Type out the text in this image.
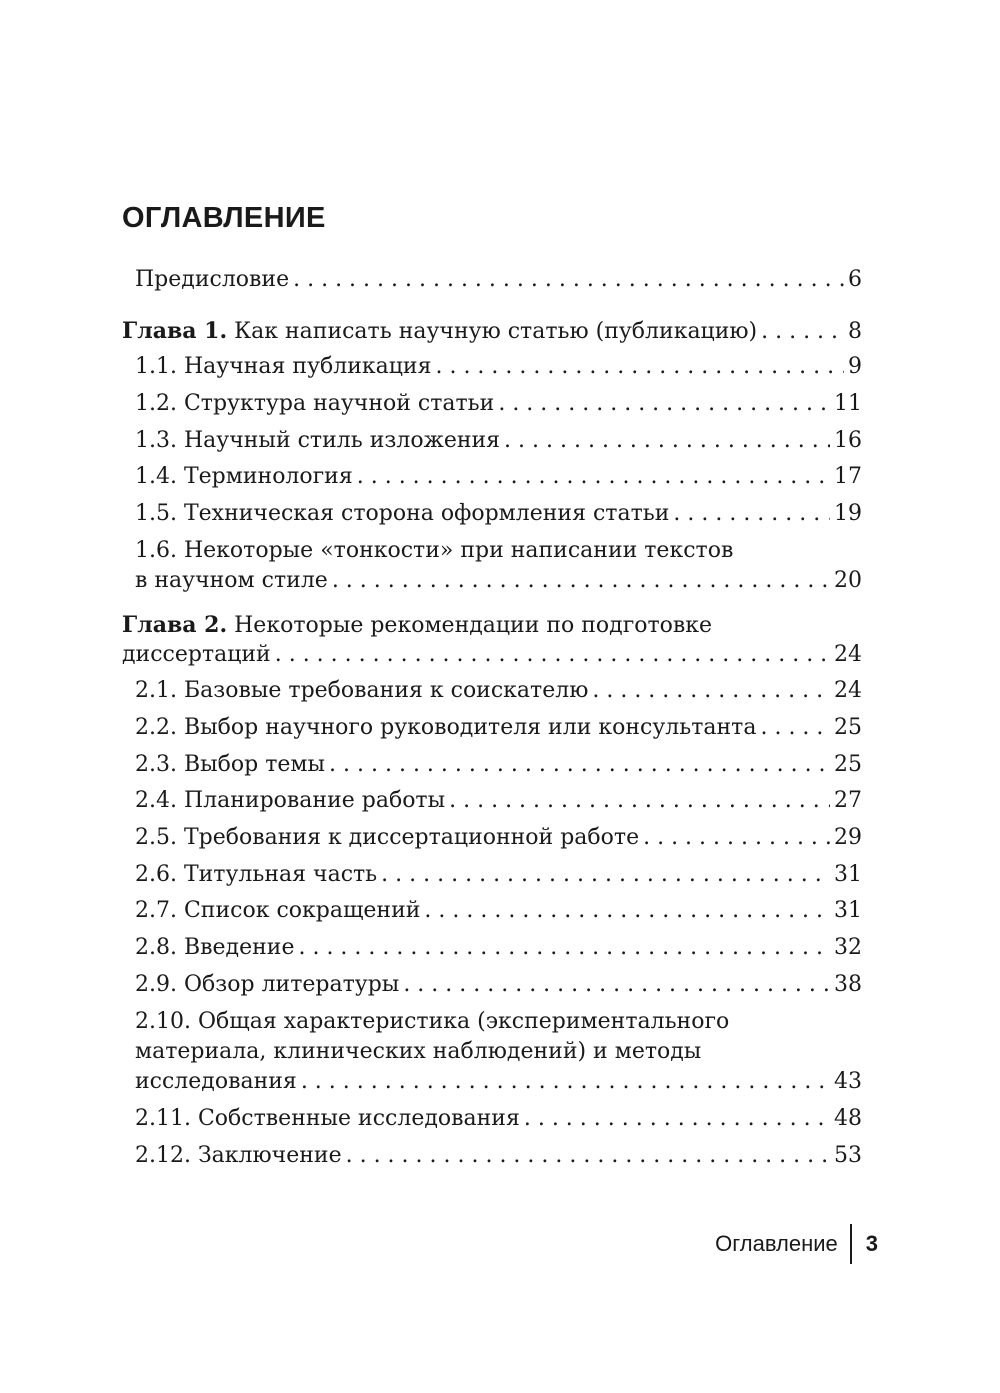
ОГЛАВЛЕНИЕ
Предисловие . . .	6
Глава 1. Как написать научную статью (публикацию) . . .	8
1.1. Научная публикация . . .	9
1.2. Структура научной статьи . . .	11
1.3. Научный стиль изложения . . .	16
1.4. Терминология . . .	17
1.5. Техническая сторона оформления статьи . . .	19
1.6. Некоторые «тонкости» при написании текстов
в научном стиле . . .	20
Глава 2. Некоторые рекомендации по подготовке
диссертаций . . .	24
2.1. Базовые требования к соискателю . . .	24
2.2. Выбор научного руководителя или консультанта . . .	25
2.3. Выбор темы . . .	25
2.4. Планирование работы . . .	27
2.5. Требования к диссертационной работе . . .	29
2.6. Титульная часть . . .	31
2.7. Список сокращений . . .	31
2.8. Введение . . .	32
2.9. Обзор литературы . . .	38
2.10. Общая характеристика (экспериментального
материала, клинических наблюдений) и методы
исследования . . .	43
2.11. Собственные исследования . . .	48
2.12. Заключение . . .	53
Оглавление 3
